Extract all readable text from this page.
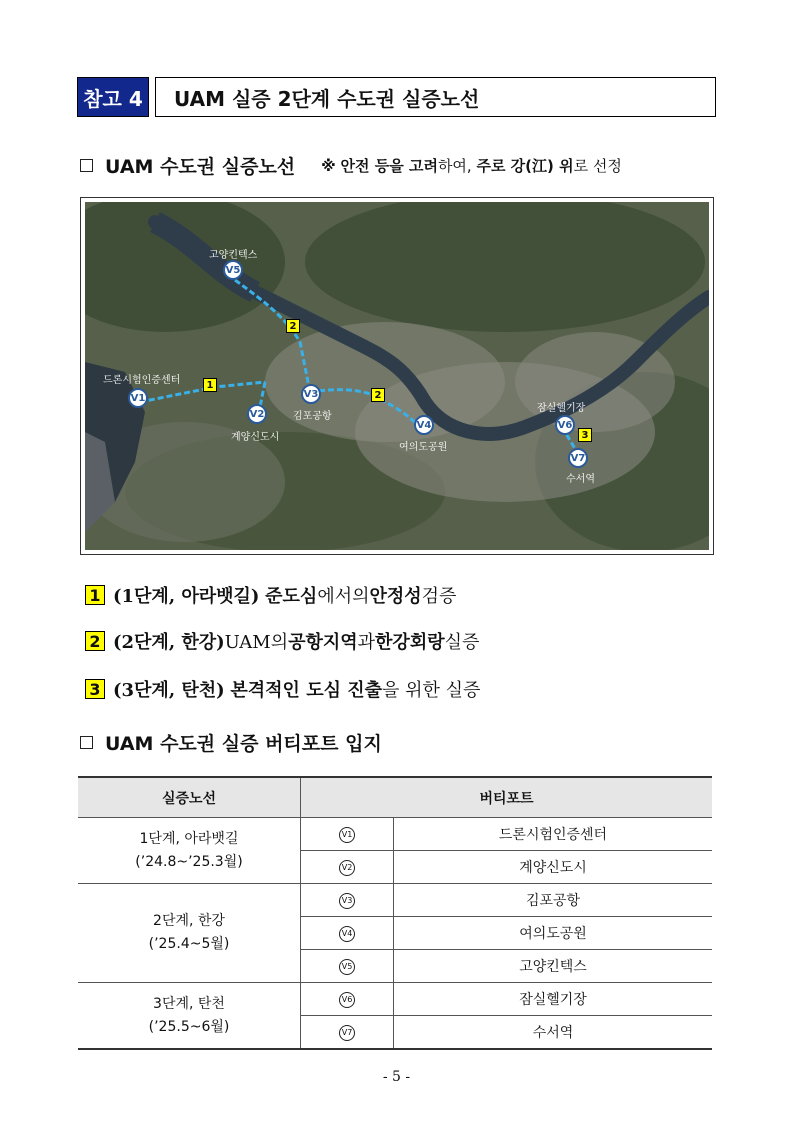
참고 4	UAM 실증 2단계 수도권 실증노선
UAM 수도권 실증노선 ※ 안전 등을 고려하여, 주로 강(江) 위로 선정
V5
고양킨텍스
V1
드론시험인증센터
V2
계양신도시
V3
김포공항
V4
여의도공원
V6
잠실헬기장
V7
수서역
1
2
2
3
1 (1단계, 아라뱃길)
준도심 에서의 안정성 검증
2 (2단계, 한강) UAM의 공항지역 과 한강회랑 실증
3 (3단계, 탄천)
본격적인 도심 진출 을 위한 실증
UAM 수도권 실증 버티포트 입지
실증노선	버티포트	
1단계, 아라뱃길
(’24.8~’25.3월)	V1	드론시험인증센터
	V2	계양신도시
2단계, 한강
(’25.4~5월)	V3	김포공항
	V4	여의도공원
	V5	고양킨텍스
3단계, 탄천
(’25.5~6월)	V6	잠실헬기장
	V7	수서역
- 5 -
